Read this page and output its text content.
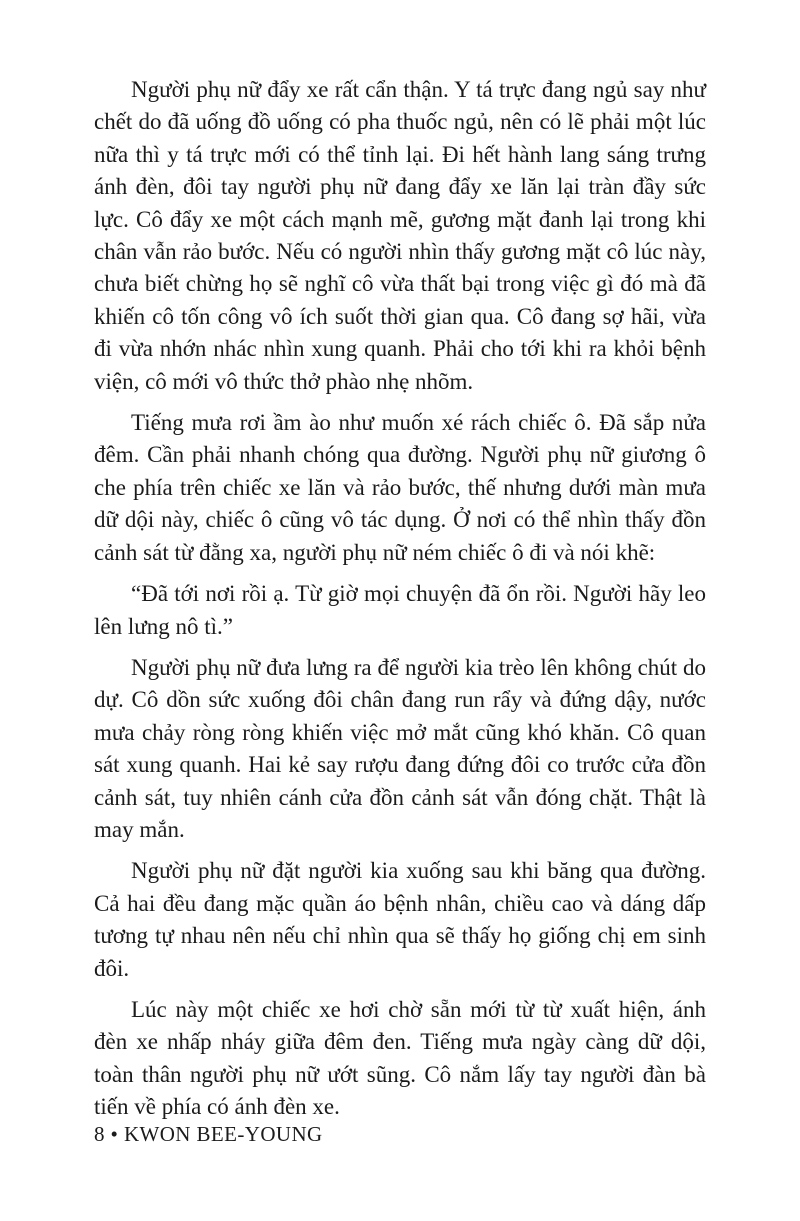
Người phụ nữ đẩy xe rất cẩn thận. Y tá trực đang ngủ say như chết do đã uống đồ uống có pha thuốc ngủ, nên có lẽ phải một lúc nữa thì y tá trực mới có thể tỉnh lại. Đi hết hành lang sáng trưng ánh đèn, đôi tay người phụ nữ đang đẩy xe lăn lại tràn đầy sức lực. Cô đẩy xe một cách mạnh mẽ, gương mặt đanh lại trong khi chân vẫn rảo bước. Nếu có người nhìn thấy gương mặt cô lúc này, chưa biết chừng họ sẽ nghĩ cô vừa thất bại trong việc gì đó mà đã khiến cô tốn công vô ích suốt thời gian qua. Cô đang sợ hãi, vừa đi vừa nhớn nhác nhìn xung quanh. Phải cho tới khi ra khỏi bệnh viện, cô mới vô thức thở phào nhẹ nhõm.

Tiếng mưa rơi ầm ào như muốn xé rách chiếc ô. Đã sắp nửa đêm. Cần phải nhanh chóng qua đường. Người phụ nữ giương ô che phía trên chiếc xe lăn và rảo bước, thế nhưng dưới màn mưa dữ dội này, chiếc ô cũng vô tác dụng. Ở nơi có thể nhìn thấy đồn cảnh sát từ đằng xa, người phụ nữ ném chiếc ô đi và nói khẽ:

“Đã tới nơi rồi ạ. Từ giờ mọi chuyện đã ổn rồi. Người hãy leo lên lưng nô tì.”

Người phụ nữ đưa lưng ra để người kia trèo lên không chút do dự. Cô dồn sức xuống đôi chân đang run rẩy và đứng dậy, nước mưa chảy ròng ròng khiến việc mở mắt cũng khó khăn. Cô quan sát xung quanh. Hai kẻ say rượu đang đứng đôi co trước cửa đồn cảnh sát, tuy nhiên cánh cửa đồn cảnh sát vẫn đóng chặt. Thật là may mắn.

Người phụ nữ đặt người kia xuống sau khi băng qua đường. Cả hai đều đang mặc quần áo bệnh nhân, chiều cao và dáng dấp tương tự nhau nên nếu chỉ nhìn qua sẽ thấy họ giống chị em sinh đôi.

Lúc này một chiếc xe hơi chờ sẵn mới từ từ xuất hiện, ánh đèn xe nhấp nháy giữa đêm đen. Tiếng mưa ngày càng dữ dội, toàn thân người phụ nữ ướt sũng. Cô nắm lấy tay người đàn bà tiến về phía có ánh đèn xe.

8 • KWON BEE-YOUNG
